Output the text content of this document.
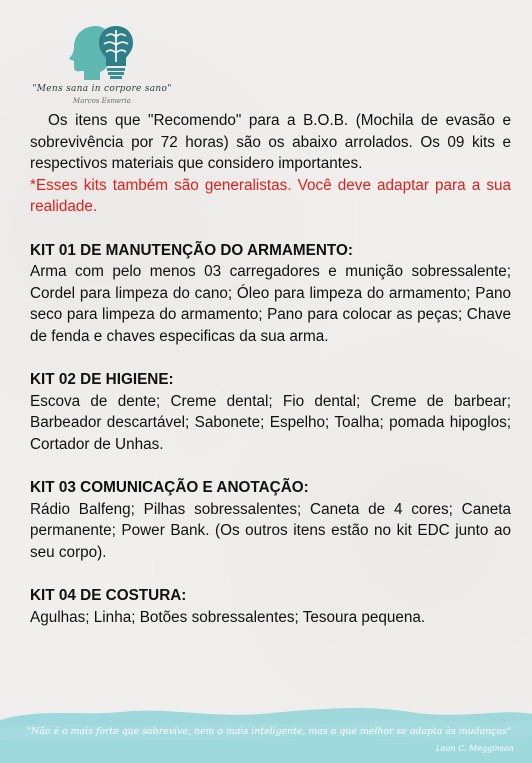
"Mens sana in corpore sano"
Marcos Esmeria

Os itens que "Recomendo" para a B.O.B. (Mochila de evasão e sobrevivência por 72 horas) são os abaixo arrolados. Os 09 kits e respectivos materiais que considero importantes.

*Esses kits também são generalistas. Você deve adaptar para a sua realidade.

KIT 01 DE MANUTENÇÃO DO ARMAMENTO:

Arma com pelo menos 03 carregadores e munição sobressalente; Cordel para limpeza do cano; Óleo para limpeza do armamento; Pano seco para limpeza do armamento; Pano para colocar as peças; Chave de fenda e chaves especificas da sua arma.

KIT 02 DE HIGIENE:

Escova de dente; Creme dental; Fio dental; Creme de barbear; Barbeador descartável; Sabonete; Espelho; Toalha; pomada hipoglos; Cortador de Unhas.

KIT 03 COMUNICAÇÃO E ANOTAÇÃO:

Rádio Balfeng; Pilhas sobressalentes; Caneta de 4 cores; Caneta permanente; Power Bank. (Os outros itens estão no kit EDC junto ao seu corpo).

KIT 04 DE COSTURA:

Agulhas; Linha; Botões sobressalentes; Tesoura pequena.

"Não é o mais forte que sobrevive, nem o mais inteligente, mas o que melhor se adapta às mudanças"
Leon C. Megginson
